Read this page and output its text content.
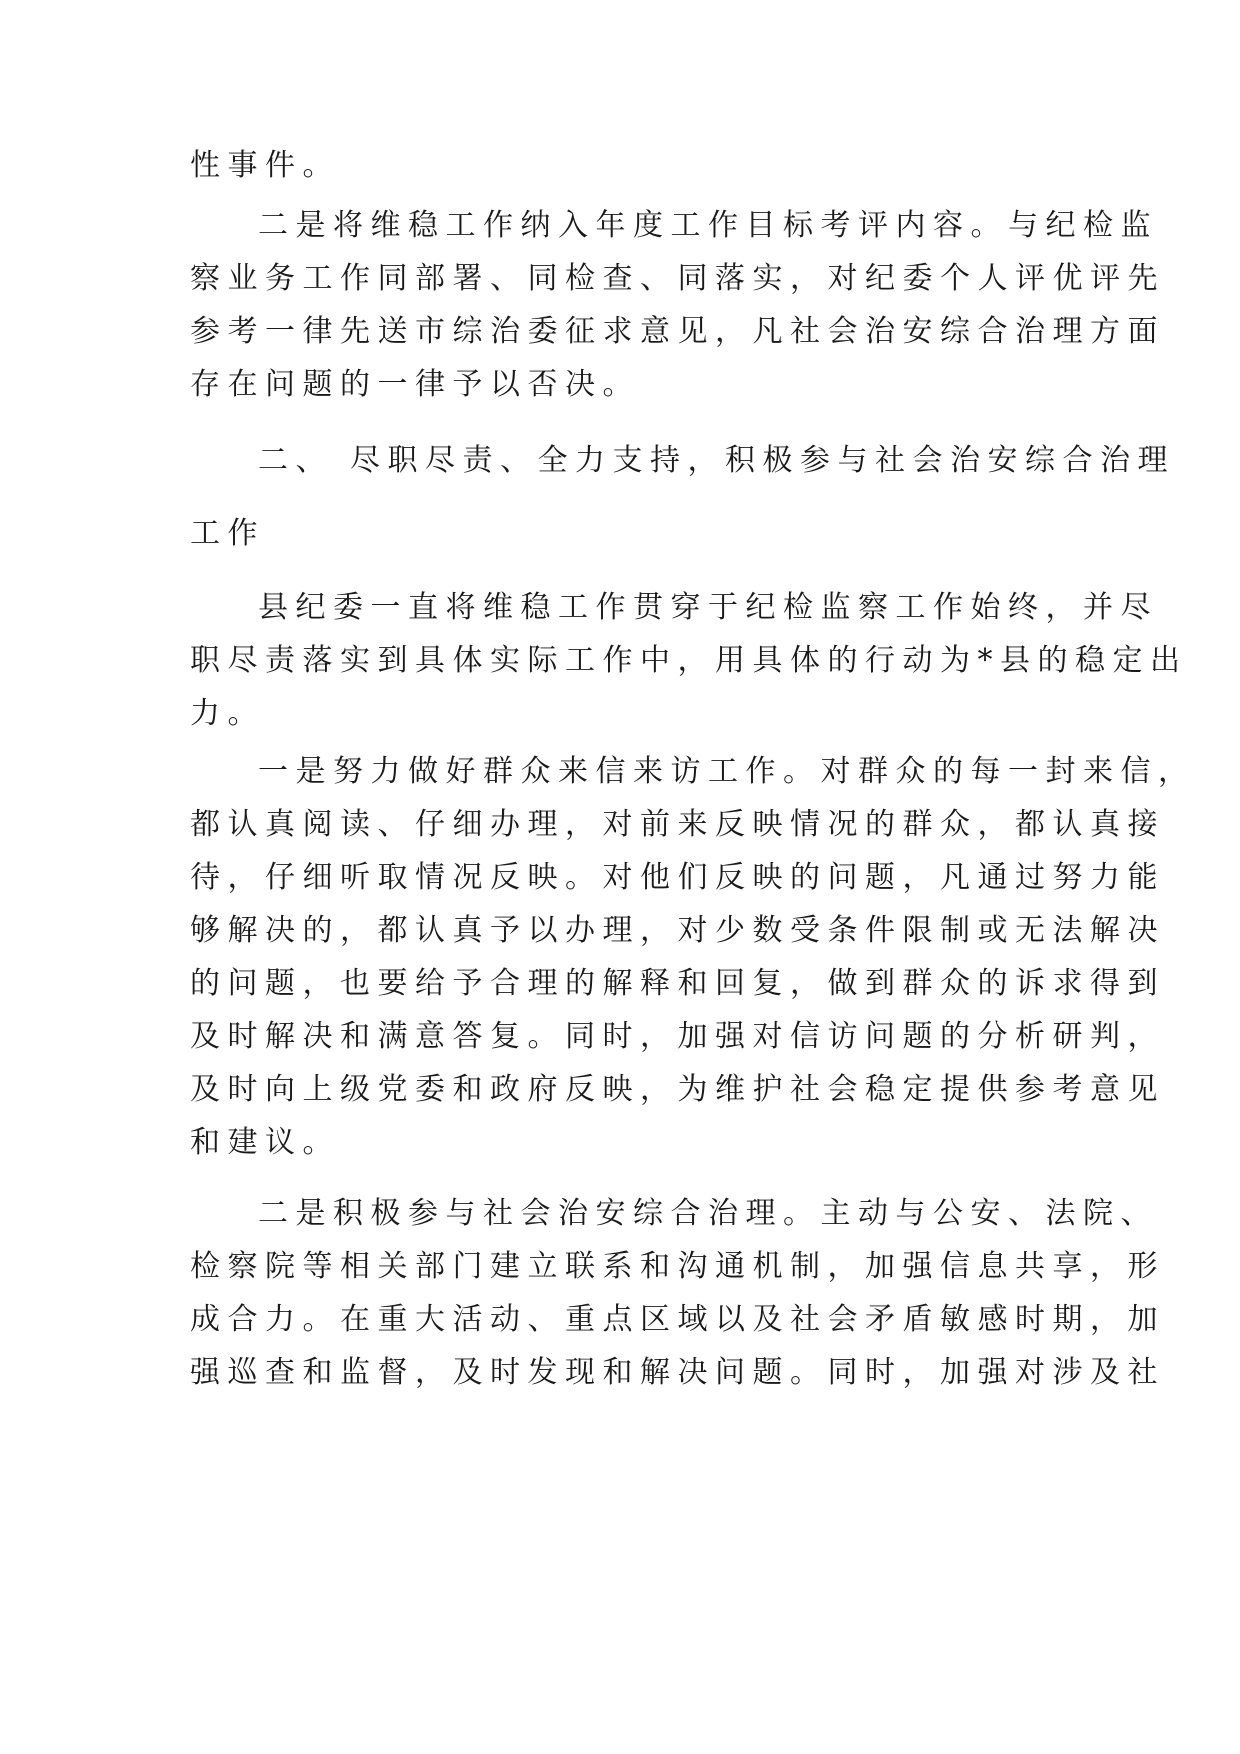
性事件。

二是将维稳工作纳入年度工作目标考评内容。与纪检监

察业务工作同部署、同检查、同落实，对纪委个人评优评先

参考一律先送市综治委征求意见，凡社会治安综合治理方面

存在问题的一律予以否决。

二、 尽职尽责、全力支持，积极参与社会治安综合治理

工作

县纪委一直将维稳工作贯穿于纪检监察工作始终，并尽

职尽责落实到具体实际工作中，用具体的行动为*县的稳定出

力。

一是努力做好群众来信来访工作。对群众的每一封来信，

都认真阅读、仔细办理，对前来反映情况的群众，都认真接

待，仔细听取情况反映。对他们反映的问题，凡通过努力能

够解决的，都认真予以办理，对少数受条件限制或无法解决

的问题，也要给予合理的解释和回复，做到群众的诉求得到

及时解决和满意答复。同时，加强对信访问题的分析研判，

及时向上级党委和政府反映，为维护社会稳定提供参考意见

和建议。

二是积极参与社会治安综合治理。主动与公安、法院、

检察院等相关部门建立联系和沟通机制，加强信息共享，形

成合力。在重大活动、重点区域以及社会矛盾敏感时期，加

强巡查和监督，及时发现和解决问题。同时，加强对涉及社
